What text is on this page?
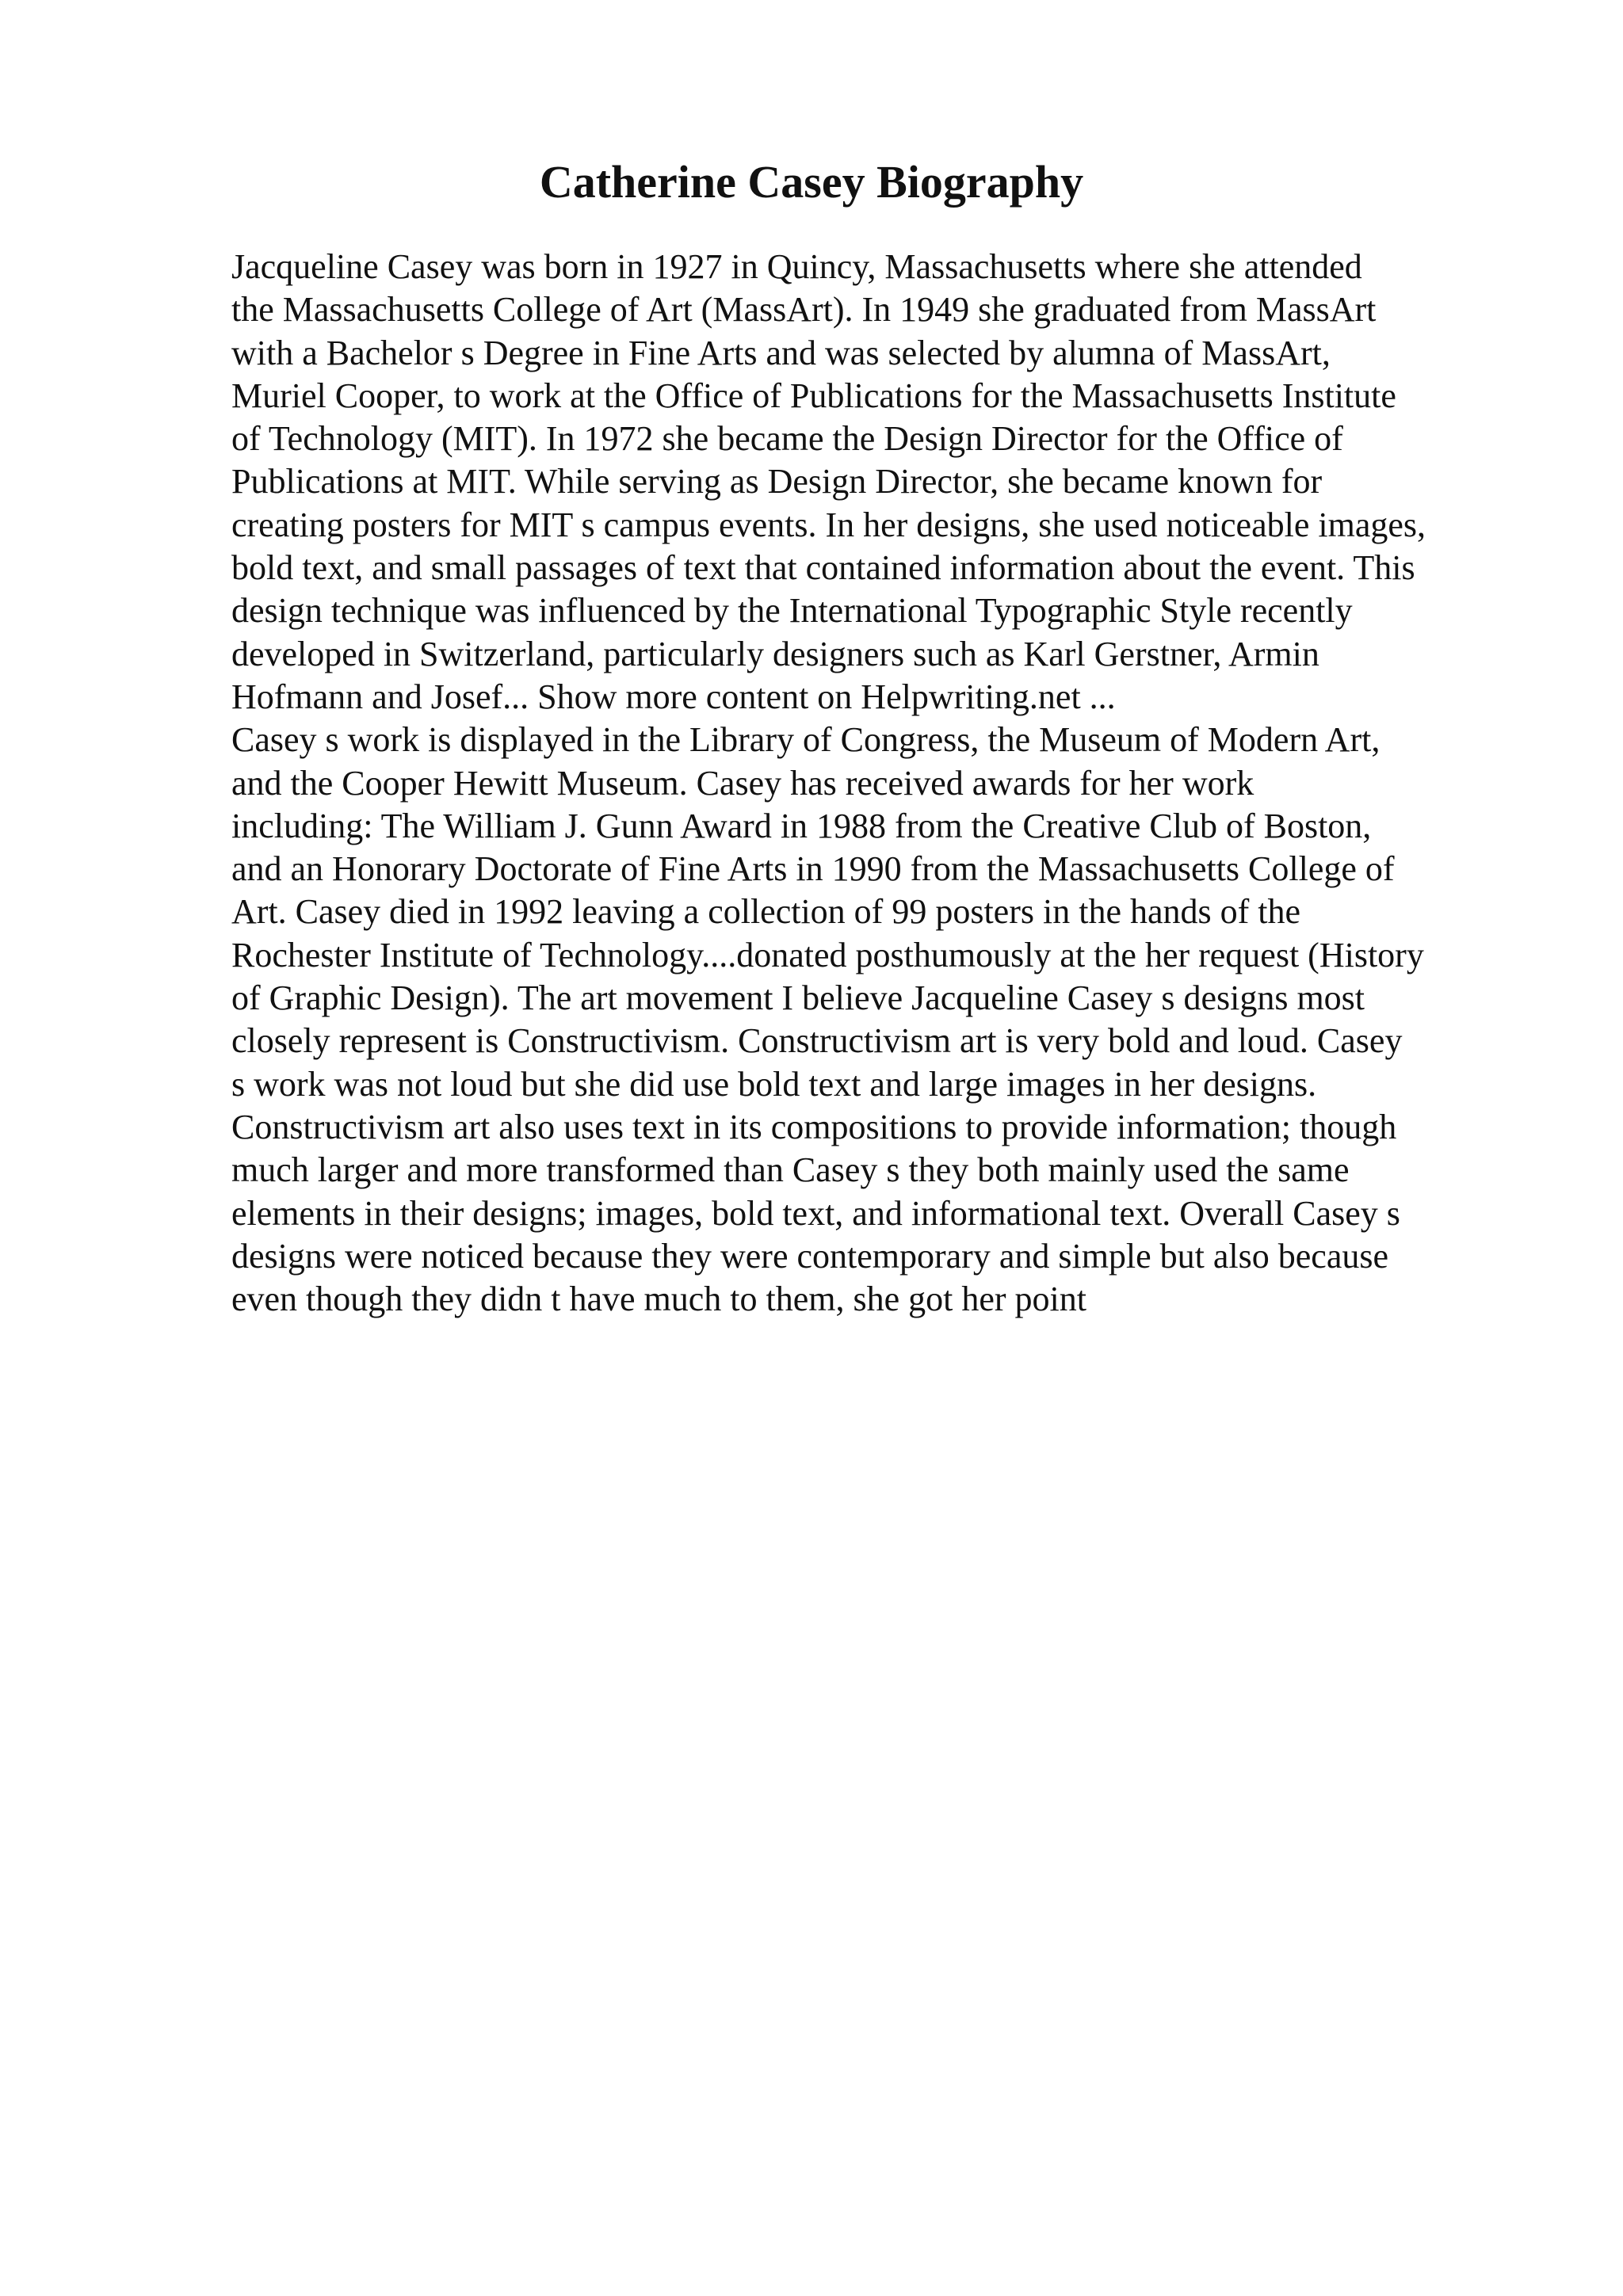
Catherine Casey Biography
Jacqueline Casey was born in 1927 in Quincy, Massachusetts where she attended
the Massachusetts College of Art (MassArt). In 1949 she graduated from MassArt
with a Bachelor s Degree in Fine Arts and was selected by alumna of MassArt,
Muriel Cooper, to work at the Office of Publications for the Massachusetts Institute
of Technology (MIT). In 1972 she became the Design Director for the Office of
Publications at MIT. While serving as Design Director, she became known for
creating posters for MIT s campus events. In her designs, she used noticeable images,
bold text, and small passages of text that contained information about the event. This
design technique was influenced by the International Typographic Style recently
developed in Switzerland, particularly designers such as Karl Gerstner, Armin
Hofmann and Josef... Show more content on Helpwriting.net ...
Casey s work is displayed in the Library of Congress, the Museum of Modern Art,
and the Cooper Hewitt Museum. Casey has received awards for her work
including: The William J. Gunn Award in 1988 from the Creative Club of Boston,
and an Honorary Doctorate of Fine Arts in 1990 from the Massachusetts College of
Art. Casey died in 1992 leaving a collection of 99 posters in the hands of the
Rochester Institute of Technology....donated posthumously at the her request (History
of Graphic Design). The art movement I believe Jacqueline Casey s designs most
closely represent is Constructivism. Constructivism art is very bold and loud. Casey
s work was not loud but she did use bold text and large images in her designs.
Constructivism art also uses text in its compositions to provide information; though
much larger and more transformed than Casey s they both mainly used the same
elements in their designs; images, bold text, and informational text. Overall Casey s
designs were noticed because they were contemporary and simple but also because
even though they didn t have much to them, she got her point
